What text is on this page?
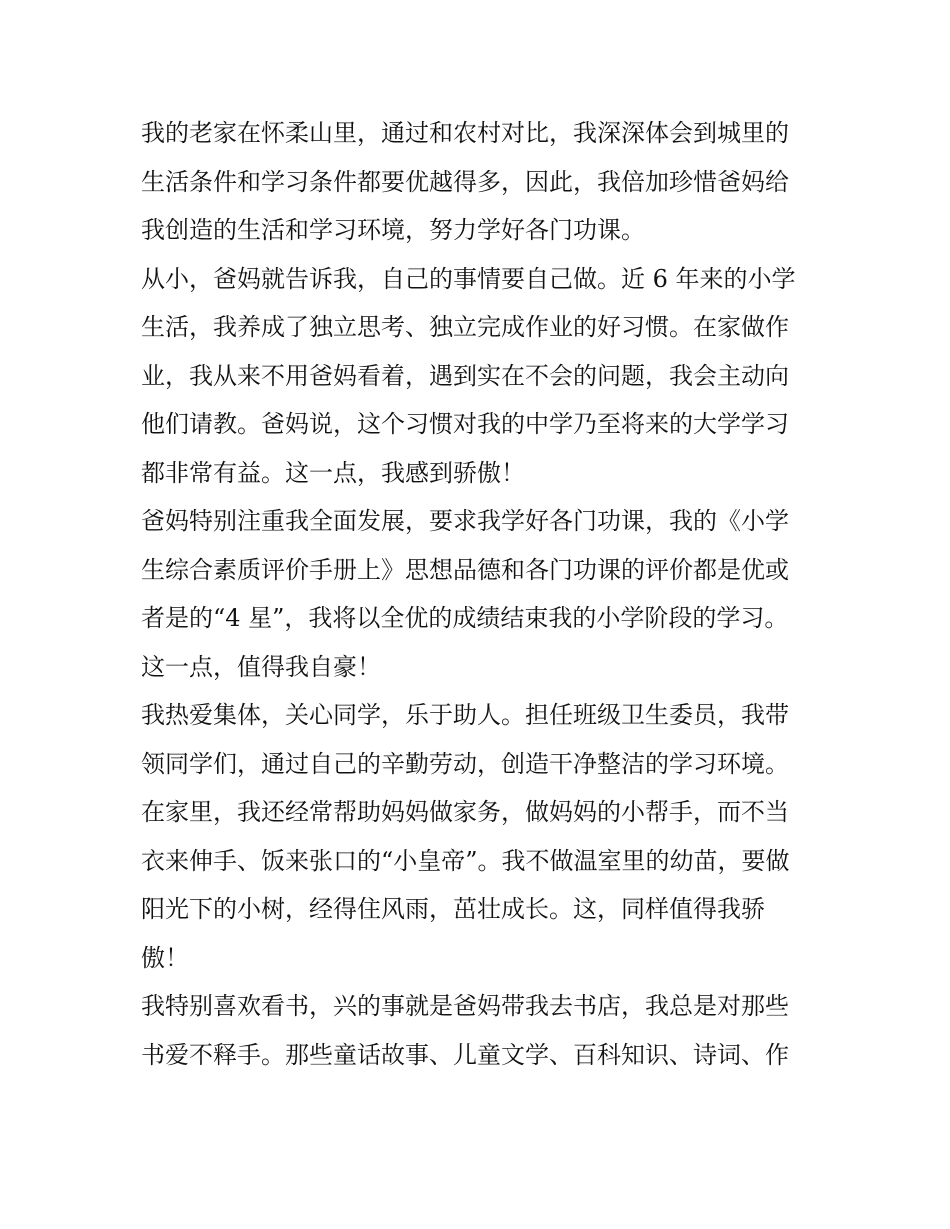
我的老家在怀柔山里，通过和农村对比，我深深体会到城里的
生活条件和学习条件都要优越得多，因此，我倍加珍惜爸妈给
我创造的生活和学习环境，努力学好各门功课。
从小，爸妈就告诉我，自己的事情要自己做。近 6 年来的小学
生活，我养成了独立思考、独立完成作业的好习惯。在家做作
业，我从来不用爸妈看着，遇到实在不会的问题，我会主动向
他们请教。爸妈说，这个习惯对我的中学乃至将来的大学学习
都非常有益。这一点，我感到骄傲！
爸妈特别注重我全面发展，要求我学好各门功课，我的《小学
生综合素质评价手册上》思想品德和各门功课的评价都是优或
者是的“4 星”，我将以全优的成绩结束我的小学阶段的学习。
这一点，值得我自豪！
我热爱集体，关心同学，乐于助人。担任班级卫生委员，我带
领同学们，通过自己的辛勤劳动，创造干净整洁的学习环境。
在家里，我还经常帮助妈妈做家务，做妈妈的小帮手，而不当
衣来伸手、饭来张口的“小皇帝”。我不做温室里的幼苗，要做
阳光下的小树，经得住风雨，茁壮成长。这，同样值得我骄
傲！
我特别喜欢看书，兴的事就是爸妈带我去书店，我总是对那些
书爱不释手。那些童话故事、儿童文学、百科知识、诗词、作
